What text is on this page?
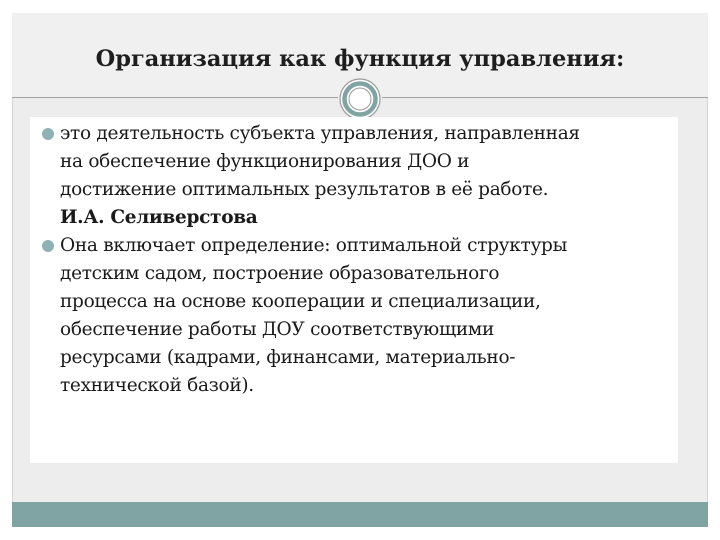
Организация как функция управления:
это деятельность субъекта управления, направленная
на обеспечение функционирования ДОО и
достижение оптимальных результатов в её работе.
И.А. Селиверстова
Она включает определение: оптимальной структуры
детским садом, построение образовательного
процесса на основе кооперации и специализации,
обеспечение работы ДОУ соответствующими
ресурсами (кадрами, финансами, материально-
технической базой).
